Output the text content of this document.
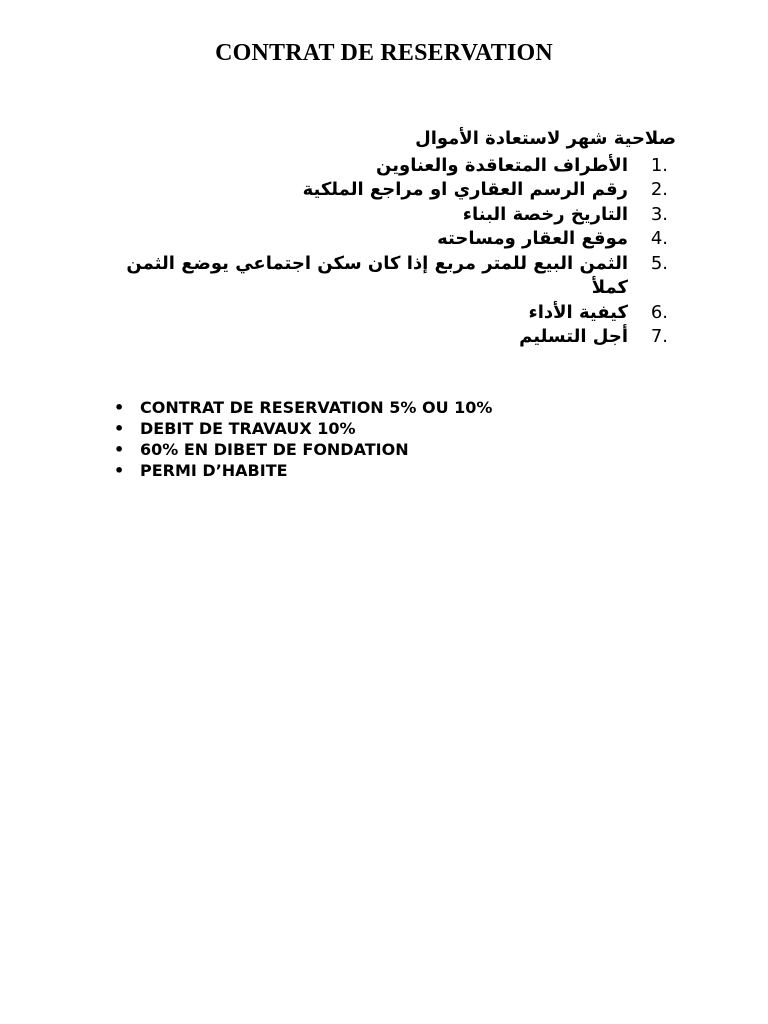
CONTRAT DE RESERVATION
صلاحية شهر لاستعادة الأموال
1.
الأطراف المتعاقدة والعناوين
2.
رقم الرسم العقاري او مراجع الملكية
3.
التاريخ رخصة البناء
4.
موقع العقار ومساحته
5.
الثمن البيع للمتر مربع إذا كان سكن اجتماعي يوضع الثمن كملأ
6.
كيفية الأداء
7.
أجل التسليم
• CONTRAT DE RESERVATION 5% OU 10%
• DEBIT DE TRAVAUX 10%
• 60% EN DIBET DE FONDATION
• PERMI D’HABITE
